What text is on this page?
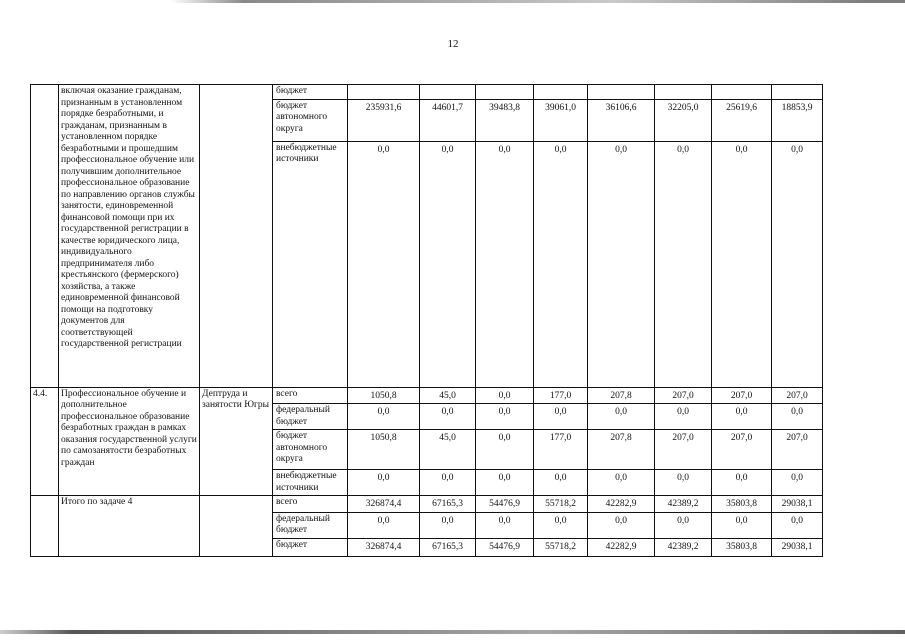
12
	включая оказание гражданам, признанным в установленном порядке безработными, и гражданам, признанным в установленном порядке безработными и прошедшим профессиональное обучение или получившим дополнительное профессиональное образование по направлению органов службы занятости, единовременной финансовой помощи при их государственной регистрации в качестве юридического лица, индивидуального предпринимателя либо крестьянского (фермерского) хозяйства, а также единовременной финансовой помощи на подготовку документов для соответствующей государственной регистрации		бюджет								
			бюджет автономного округа	235931,6	44601,7	39483,8	39061,0	36106,6	32205,0	25619,6	18853,9
			внебюджетные источники	0,0	0,0	0,0	0,0	0,0	0,0	0,0	0,0
4.4.	Профессиональное обучение и дополнительное профессиональное образование безработных граждан в рамках оказания государственной услуги по самозанятости безработных граждан	Дептруда и занятости Югры	всего	1050,8	45,0	0,0	177,0	207,8	207,0	207,0	207,0
			федеральный бюджет	0,0	0,0	0,0	0,0	0,0	0,0	0,0	0,0
			бюджет автономного округа	1050,8	45,0	0,0	177,0	207,8	207,0	207,0	207,0
			внебюджетные источники	0,0	0,0	0,0	0,0	0,0	0,0	0,0	0,0
	Итого по задаче 4		всего	326874,4	67165,3	54476,9	55718,2	42282,9	42389,2	35803,8	29038,1
			федеральный бюджет	0,0	0,0	0,0	0,0	0,0	0,0	0,0	0,0
			бюджет	326874,4	67165,3	54476,9	55718,2	42282,9	42389,2	35803,8	29038,1
